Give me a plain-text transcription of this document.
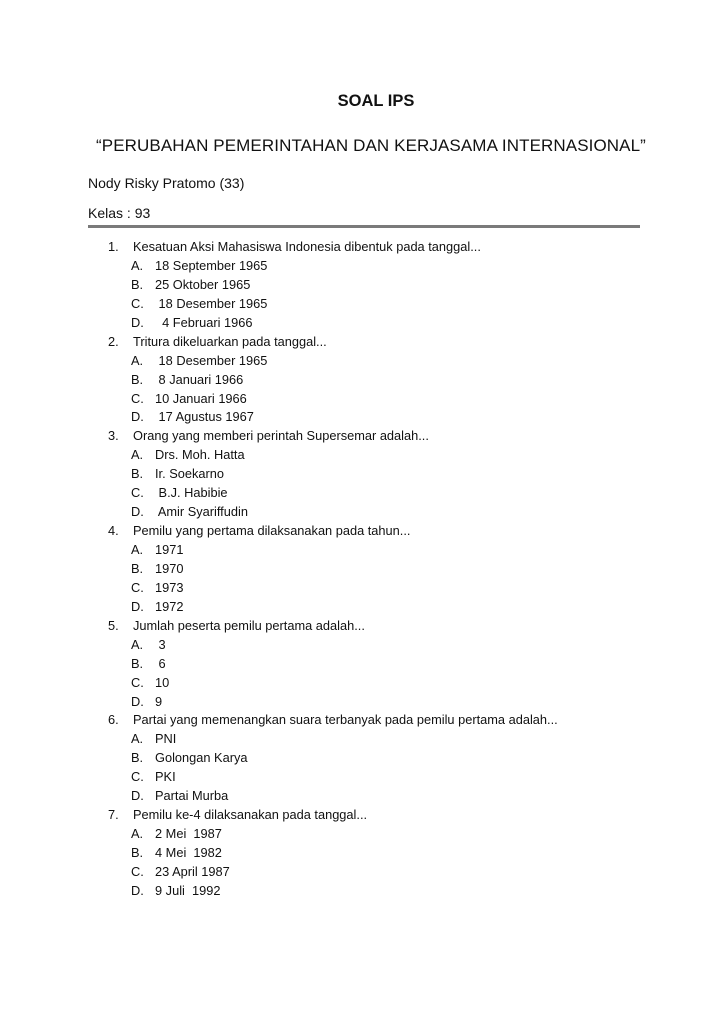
SOAL IPS
“PERUBAHAN PEMERINTAHAN DAN KERJASAMA INTERNASIONAL”
Nody Risky Pratomo (33)
Kelas : 93
1. Kesatuan Aksi Mahasiswa Indonesia dibentuk pada tanggal...
A. 18 September 1965
B. 25 Oktober 1965
C. 18 Desember 1965
D.  4 Februari 1966
2. Tritura dikeluarkan pada tanggal...
A. 18 Desember 1965
B. 8 Januari 1966
C. 10 Januari 1966
D. 17 Agustus 1967
3. Orang yang memberi perintah Supersemar adalah...
A. Drs. Moh. Hatta
B. Ir. Soekarno
C. B.J. Habibie
D. Amir Syariffudin
4. Pemilu yang pertama dilaksanakan pada tahun...
A. 1971
B. 1970
C. 1973
D. 1972
5. Jumlah peserta pemilu pertama adalah...
A. 3
B. 6
C. 10
D. 9
6. Partai yang memenangkan suara terbanyak pada pemilu pertama adalah...
A. PNI
B. Golongan Karya
C. PKI
D. Partai Murba
7. Pemilu ke-4 dilaksanakan pada tanggal...
A. 2 Mei  1987
B. 4 Mei  1982
C. 23 April 1987
D. 9 Juli  1992
